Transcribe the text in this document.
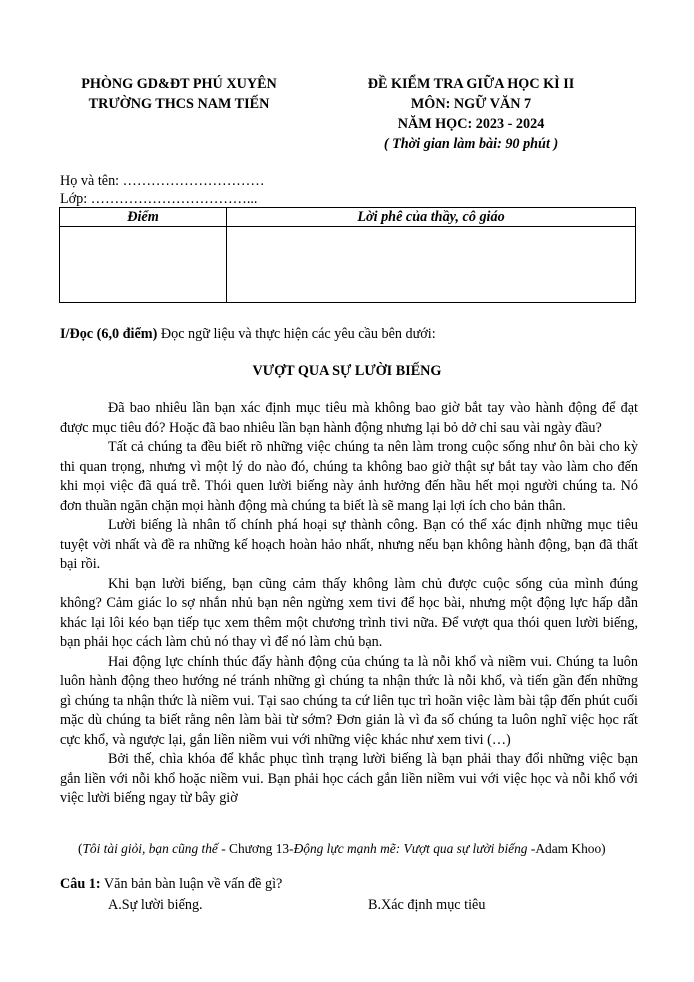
PHÒNG GD&ĐT PHÚ XUYÊN
TRƯỜNG THCS NAM TIẾN
ĐỀ KIỂM TRA GIỮA HỌC KÌ II
MÔN: NGỮ VĂN 7
NĂM HỌC: 2023 - 2024
( Thời gian làm bài: 90 phút )
Họ và tên: …………………………
Lớp: ……………………………...
Điểm	Lời phê của thầy, cô giáo

I/Đọc (6,0 điểm) Đọc ngữ liệu và thực hiện các yêu cầu bên dưới:
VƯỢT QUA SỰ LƯỜI BIẾNG

Đã bao nhiêu lần bạn xác định mục tiêu mà không bao giờ bắt tay vào hành động để đạt được mục tiêu đó? Hoặc đã bao nhiêu lần bạn hành động nhưng lại bỏ dở chỉ sau vài ngày đầu?

Tất cả chúng ta đều biết rõ những việc chúng ta nên làm trong cuộc sống như ôn bài cho kỳ thi quan trọng, nhưng vì một lý do nào đó, chúng ta không bao giờ thật sự bắt tay vào làm cho đến khi mọi việc đã quá trễ. Thói quen lười biếng này ảnh hưởng đến hầu hết mọi người chúng ta. Nó đơn thuần ngăn chặn mọi hành động mà chúng ta biết là sẽ mang lại lợi ích cho bản thân.

Lười biếng là nhân tố chính phá hoại sự thành công. Bạn có thể xác định những mục tiêu tuyệt vời nhất và đề ra những kế hoạch hoàn hảo nhất, nhưng nếu bạn không hành động, bạn đã thất bại rồi.

Khi bạn lười biếng, bạn cũng cảm thấy không làm chủ được cuộc sống của mình đúng không? Cảm giác lo sợ nhắn nhủ bạn nên ngừng xem tivi để học bài, nhưng một động lực hấp dẫn khác lại lôi kéo bạn tiếp tục xem thêm một chương trình tivi nữa. Để vượt qua thói quen lười biếng, bạn phải học cách làm chủ nó thay vì để nó làm chủ bạn.

Hai động lực chính thúc đẩy hành động của chúng ta là nỗi khổ và niềm vui. Chúng ta luôn luôn hành động theo hướng né tránh những gì chúng ta nhận thức là nỗi khổ, và tiến gần đến những gì chúng ta nhận thức là niềm vui. Tại sao chúng ta cứ liên tục trì hoãn việc làm bài tập đến phút cuối mặc dù chúng ta biết rằng nên làm bài từ sớm? Đơn giản là vì đa số chúng ta luôn nghĩ việc học rất cực khổ, và ngược lại, gắn liền niềm vui với những việc khác như xem tivi (…)

Bởi thế, chìa khóa để khắc phục tình trạng lười biếng là bạn phải thay đổi những việc bạn gắn liền với nỗi khổ hoặc niềm vui. Bạn phải học cách gắn liền niềm vui với việc học và nỗi khổ với việc lười biếng ngay từ bây giờ

(Tôi tài giỏi, bạn cũng thế - Chương 13-Động lực mạnh mẽ: Vượt qua sự lười biếng -Adam Khoo)
Câu 1: Văn bản bàn luận về vấn đề gì?
A.Sự lười biếng.	B.Xác định mục tiêu
